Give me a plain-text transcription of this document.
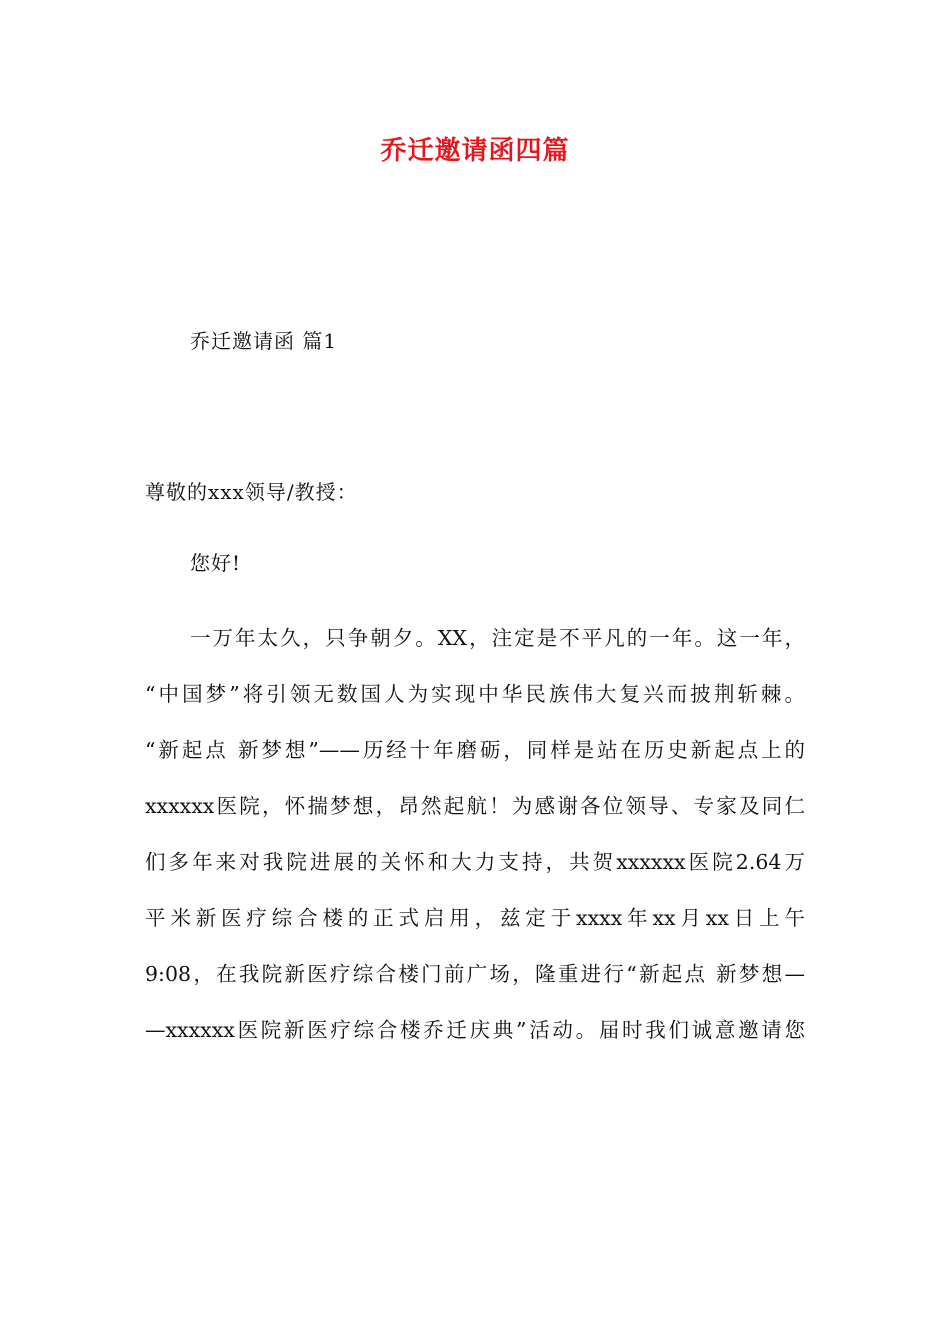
乔迁邀请函四篇
乔迁邀请函 篇1
尊敬的xxx领导/教授：
您好!
一万年太久，只争朝夕。XX，注定是不平凡的一年。这一年，
“中国梦”将引领无数国人为实现中华民族伟大复兴而披荆斩棘。
“新起点 新梦想”——历经十年磨砺，同样是站在历史新起点上的
xxxxxx医院，怀揣梦想，昂然起航！为感谢各位领导、专家及同仁
们多年来对我院进展的关怀和大力支持，共贺xxxxxx医院2.64万
平米新医疗综合楼的正式启用，兹定于xxxx年xx月xx日上午
9:08，在我院新医疗综合楼门前广场，隆重进行“新起点 新梦想—
—xxxxxx医院新医疗综合楼乔迁庆典”活动。届时我们诚意邀请您
